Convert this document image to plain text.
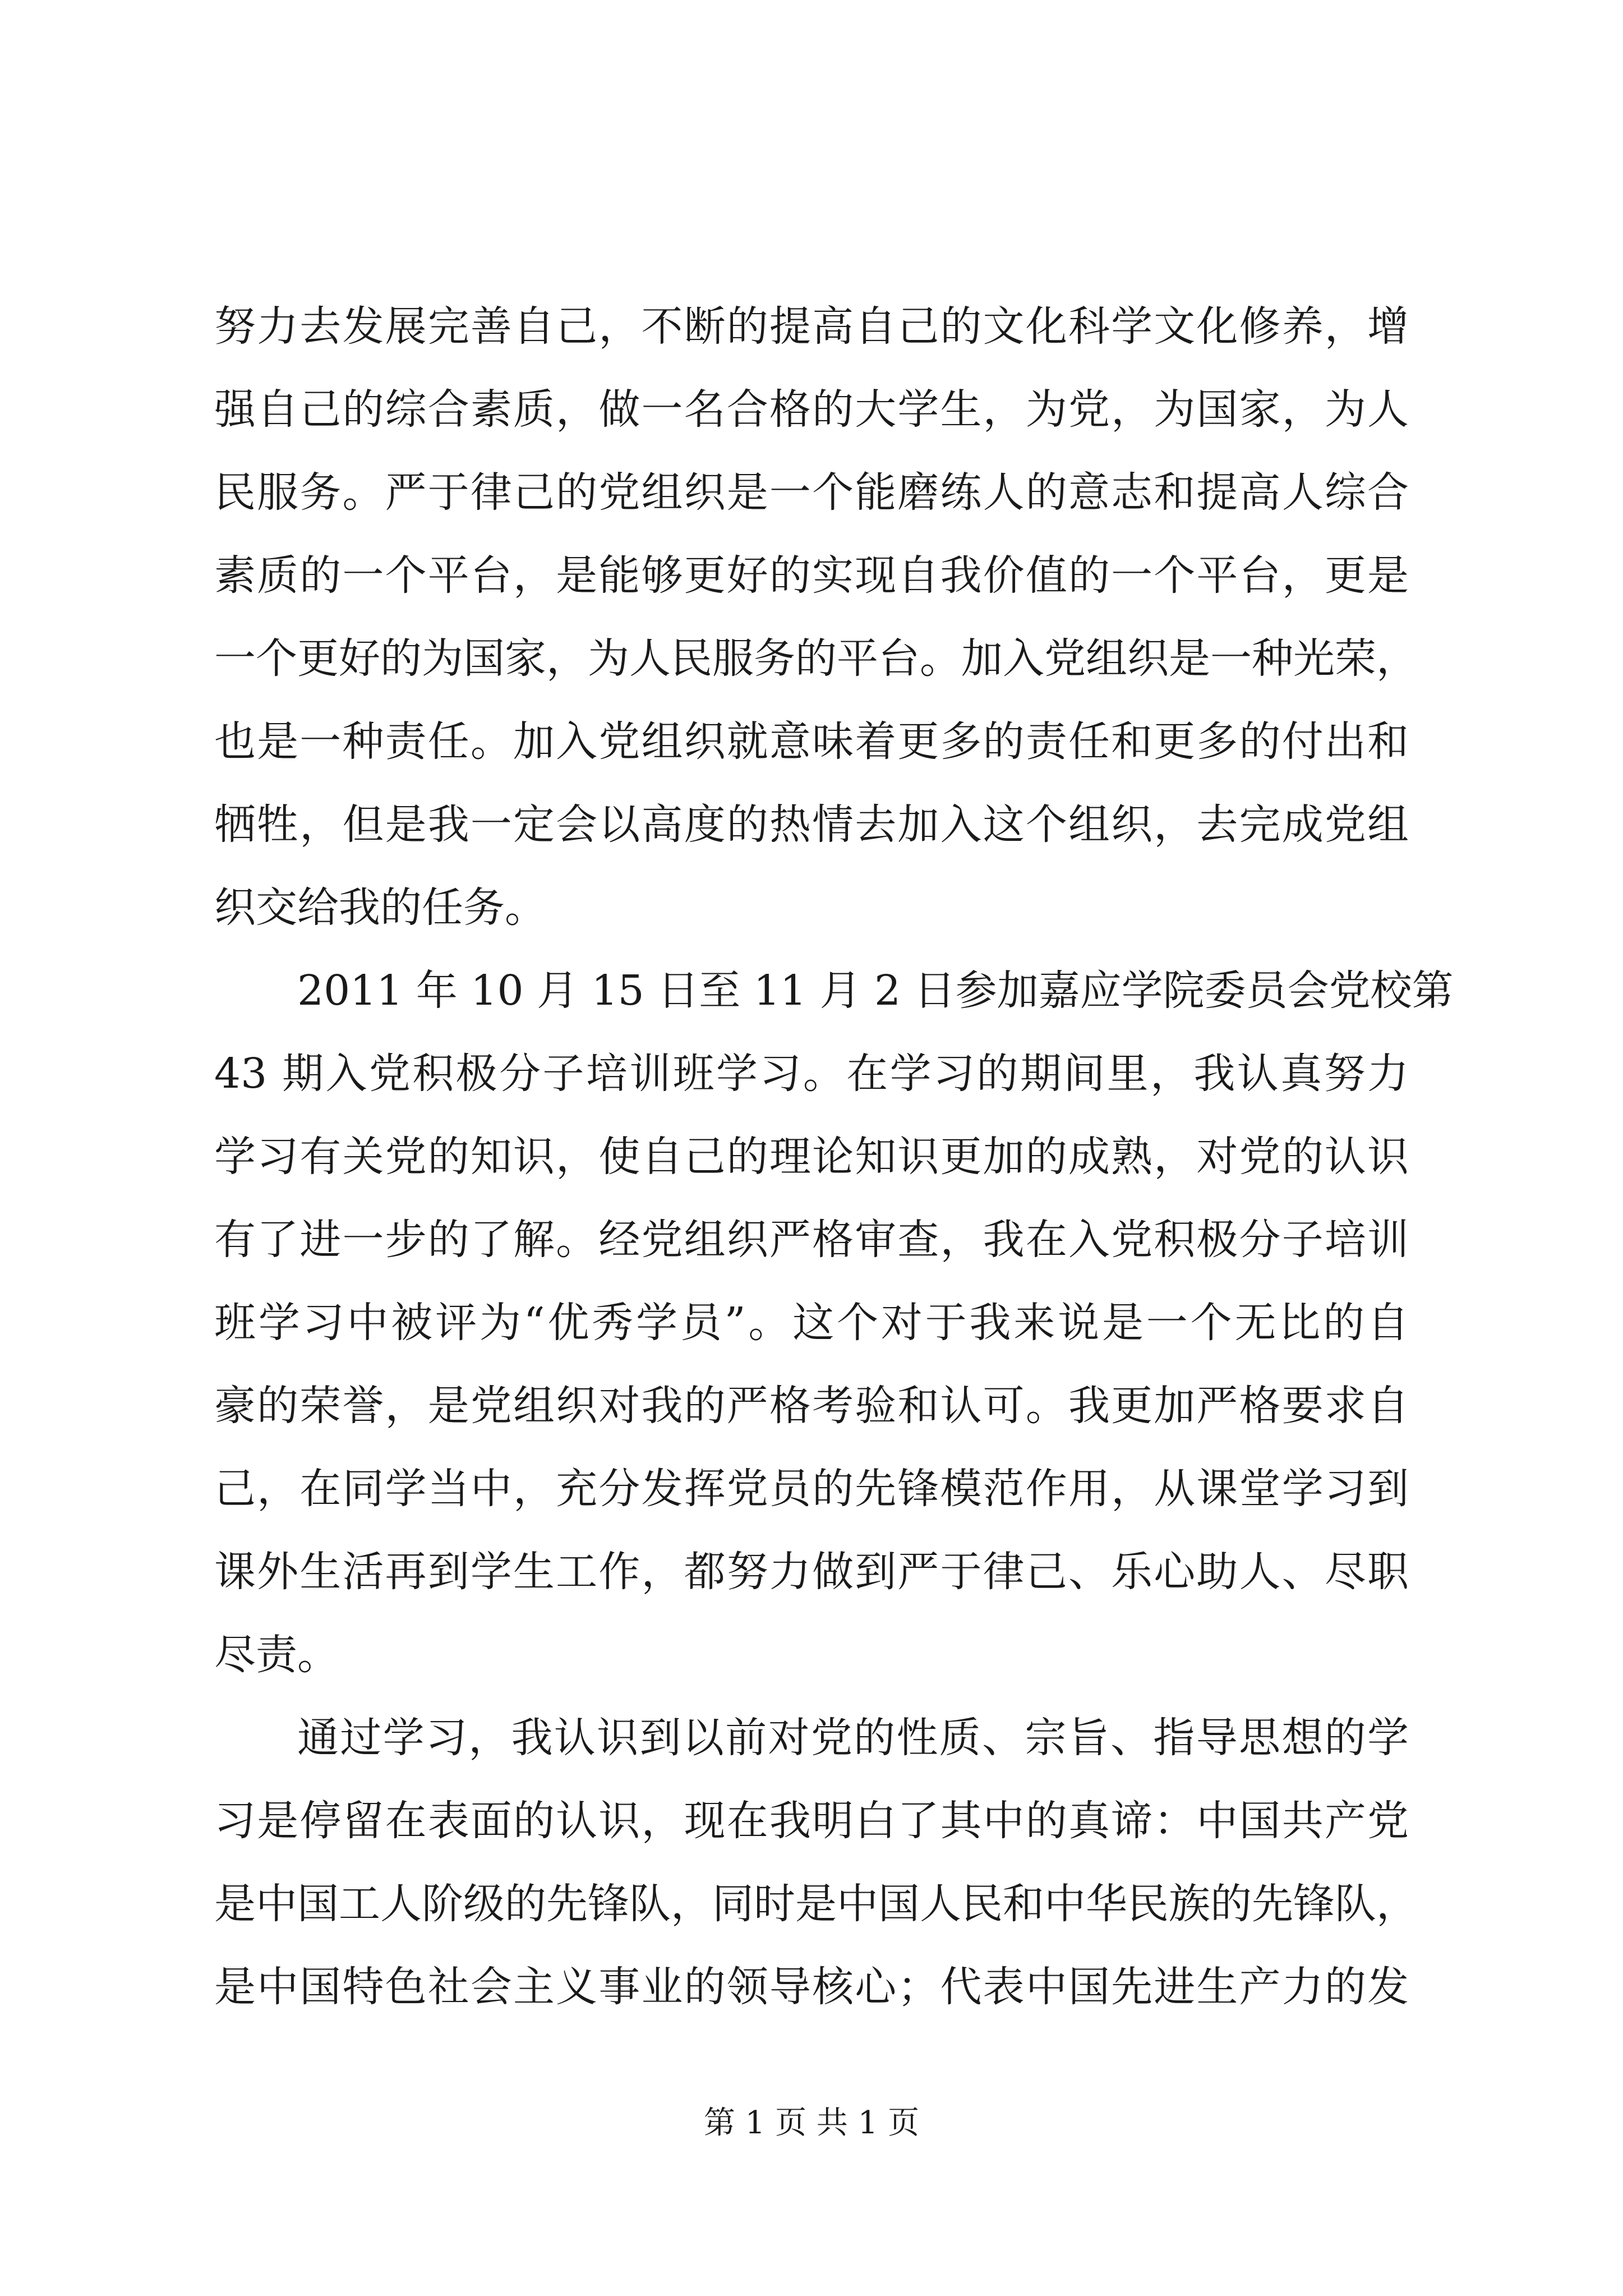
努力去发展完善自己，不断的提高自己的文化科学文化修养，增
强自己的综合素质，做一名合格的大学生，为党，为国家，为人
民服务。严于律己的党组织是一个能磨练人的意志和提高人综合
素质的一个平台，是能够更好的实现自我价值的一个平台，更是
一个更好的为国家，为人民服务的平台。加入党组织是一种光荣，
也是一种责任。加入党组织就意味着更多的责任和更多的付出和
牺牲，但是我一定会以高度的热情去加入这个组织，去完成党组
织交给我的任务。
2011 年 10 月 15 日至 11 月 2 日参加嘉应学院委员会党校第
43 期入党积极分子培训班学习。在学习的期间里，我认真努力
学习有关党的知识，使自己的理论知识更加的成熟，对党的认识
有了进一步的了解。经党组织严格审查，我在入党积极分子培训
班学习中被评为“优秀学员”。这个对于我来说是一个无比的自
豪的荣誉，是党组织对我的严格考验和认可。我更加严格要求自
己，在同学当中，充分发挥党员的先锋模范作用，从课堂学习到
课外生活再到学生工作，都努力做到严于律己、乐心助人、尽职
尽责。
通过学习，我认识到以前对党的性质、宗旨、指导思想的学
习是停留在表面的认识，现在我明白了其中的真谛：中国共产党
是中国工人阶级的先锋队，同时是中国人民和中华民族的先锋队，
是中国特色社会主义事业的领导核心；代表中国先进生产力的发
第 1 页 共 1 页
